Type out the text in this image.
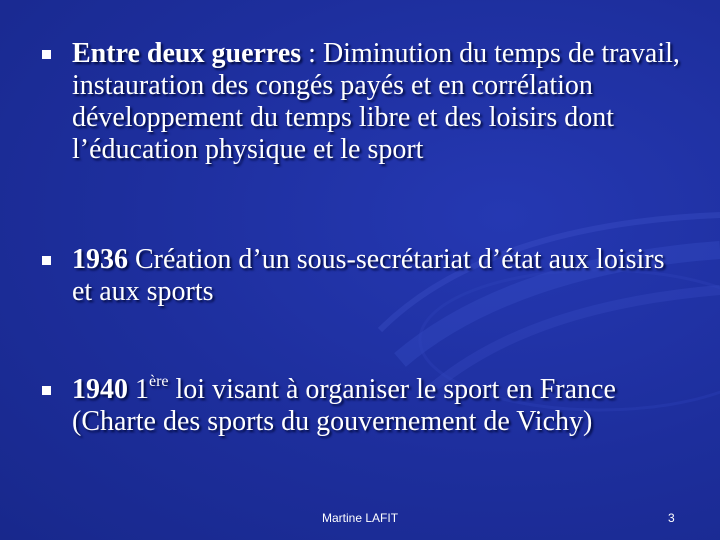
Entre deux guerres : Diminution du temps de travail, instauration des congés payés et en corrélation développement du temps libre et des loisirs dont l’éducation physique et le sport
1936 Création d’un sous-secrétariat d’état aux loisirs et aux sports
1940 1ère loi visant à organiser le sport en France (Charte des sports du gouvernement de Vichy)
Martine LAFIT	3
